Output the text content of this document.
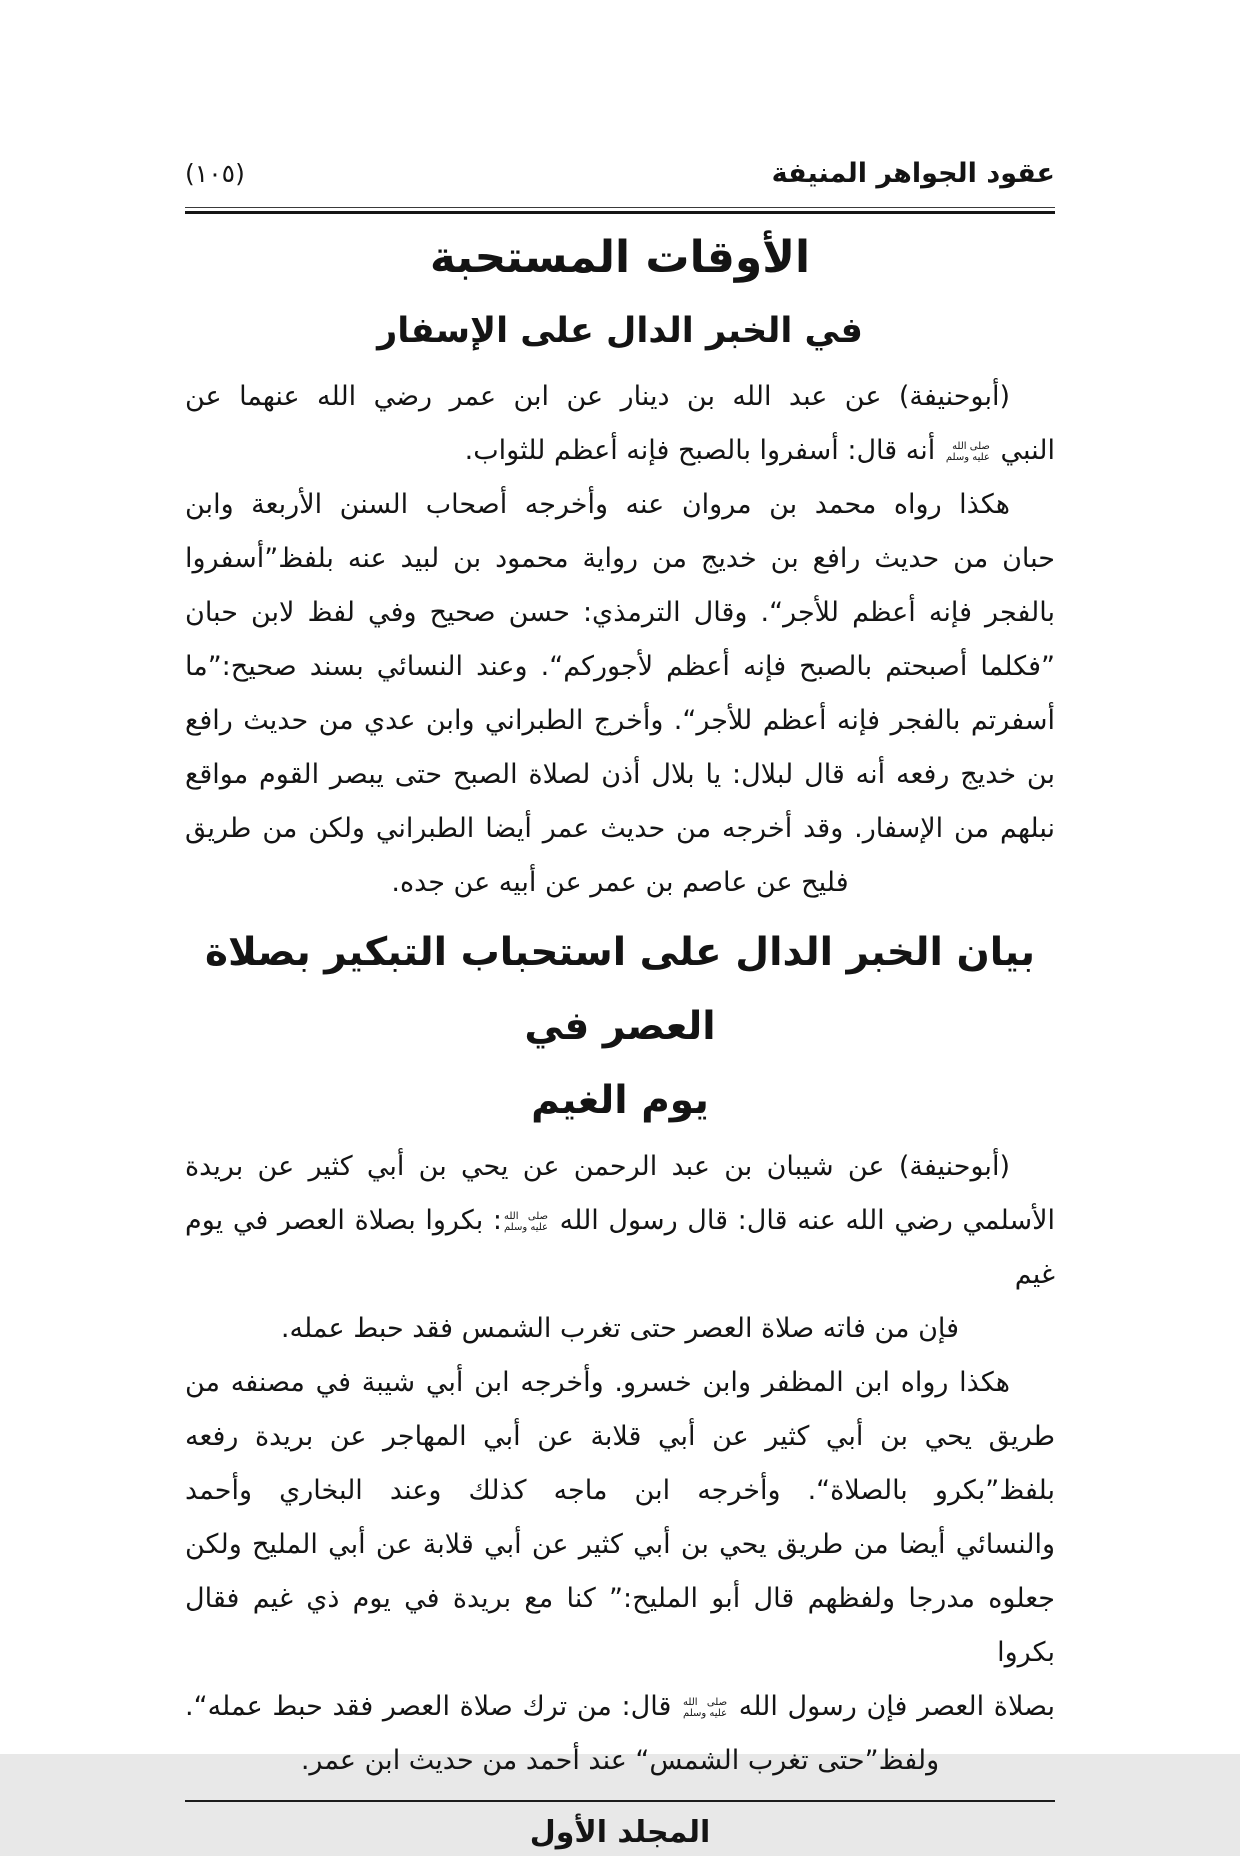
عقود الجواهر المنيفة
(١٠٥)
الأوقات المستحبة
في الخبر الدال على الإسفار
(أبوحنيفة) عن عبد الله بن دينار عن ابن عمر رضي الله عنهما عن
النبي
صلى الله
عليه وسلم
أنه قال: أسفروا بالصبح فإنه أعظم للثواب.
هكذا رواه محمد بن مروان عنه وأخرجه أصحاب السنن الأربعة وابن
حبان من حديث رافع بن خديج من رواية محمود بن لبيد عنه بلفظ”أسفروا
بالفجر فإنه أعظم للأجر“. وقال الترمذي: حسن صحيح وفي لفظ لابن حبان
”فكلما أصبحتم بالصبح فإنه أعظم لأجوركم“. وعند النسائي بسند صحيح:”ما
أسفرتم بالفجر فإنه أعظم للأجر“. وأخرج الطبراني وابن عدي من حديث رافع
بن خديج رفعه أنه قال لبلال: يا بلال أذن لصلاة الصبح حتى يبصر القوم مواقع
نبلهم من الإسفار. وقد أخرجه من حديث عمر أيضا الطبراني ولكن من طريق
فليح عن عاصم بن عمر عن أبيه عن جده.
بيان الخبر الدال على استحباب التبكير بصلاة العصر في
يوم الغيم
(أبوحنيفة) عن شيبان بن عبد الرحمن عن يحي بن أبي كثير عن بريدة
الأسلمي رضي الله عنه قال: قال رسول الله
صلى الله
عليه وسلم
: بكروا بصلاة العصر في يوم غيم
فإن من فاته صلاة العصر حتى تغرب الشمس فقد حبط عمله.
هكذا رواه ابن المظفر وابن خسرو. وأخرجه ابن أبي شيبة في مصنفه من
طريق يحي بن أبي كثير عن أبي قلابة عن أبي المهاجر عن بريدة رفعه
بلفظ”بكرو بالصلاة“. وأخرجه ابن ماجه كذلك وعند البخاري وأحمد
والنسائي أيضا من طريق يحي بن أبي كثير عن أبي قلابة عن أبي المليح ولكن
جعلوه مدرجا ولفظهم قال أبو المليح:” كنا مع بريدة في يوم ذي غيم فقال بكروا
بصلاة العصر فإن رسول الله
صلى الله
عليه وسلم
قال: من ترك صلاة العصر فقد حبط عمله“.
ولفظ”حتى تغرب الشمس“ عند أحمد من حديث ابن عمر.
المجلد الأول
